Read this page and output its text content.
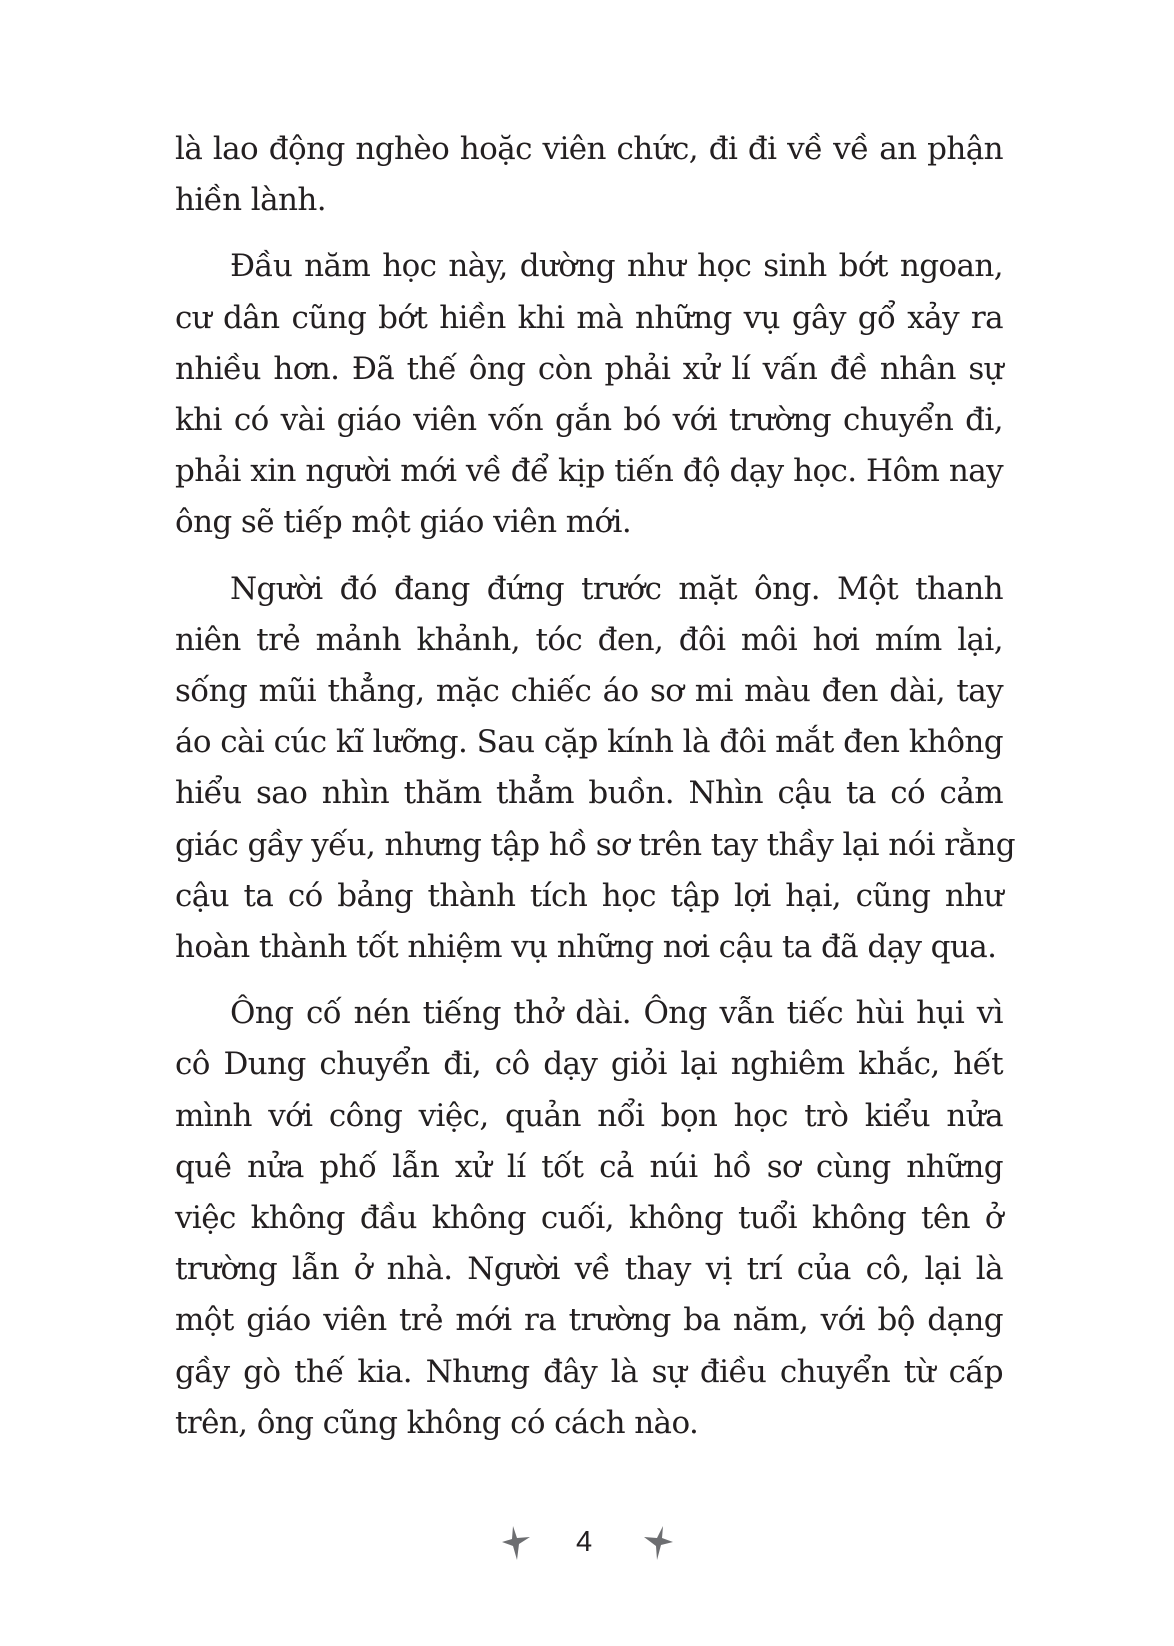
là lao động nghèo hoặc viên chức, đi đi về về an phận
hiền lành.
Đầu năm học này, dường như học sinh bớt ngoan,
cư dân cũng bớt hiền khi mà những vụ gây gổ xảy ra
nhiều hơn. Đã thế ông còn phải xử lí vấn đề nhân sự
khi có vài giáo viên vốn gắn bó với trường chuyển đi,
phải xin người mới về để kịp tiến độ dạy học. Hôm nay
ông sẽ tiếp một giáo viên mới.
Người đó đang đứng trước mặt ông. Một thanh
niên trẻ mảnh khảnh, tóc đen, đôi môi hơi mím lại,
sống mũi thẳng, mặc chiếc áo sơ mi màu đen dài, tay
áo cài cúc kĩ lưỡng. Sau cặp kính là đôi mắt đen không
hiểu sao nhìn thăm thẳm buồn. Nhìn cậu ta có cảm
giác gầy yếu, nhưng tập hồ sơ trên tay thầy lại nói rằng
cậu ta có bảng thành tích học tập lợi hại, cũng như
hoàn thành tốt nhiệm vụ những nơi cậu ta đã dạy qua.
Ông cố nén tiếng thở dài. Ông vẫn tiếc hùi hụi vì
cô Dung chuyển đi, cô dạy giỏi lại nghiêm khắc, hết
mình với công việc, quản nổi bọn học trò kiểu nửa
quê nửa phố lẫn xử lí tốt cả núi hồ sơ cùng những
việc không đầu không cuối, không tuổi không tên ở
trường lẫn ở nhà. Người về thay vị trí của cô, lại là
một giáo viên trẻ mới ra trường ba năm, với bộ dạng
gầy gò thế kia. Nhưng đây là sự điều chuyển từ cấp
trên, ông cũng không có cách nào.
4
